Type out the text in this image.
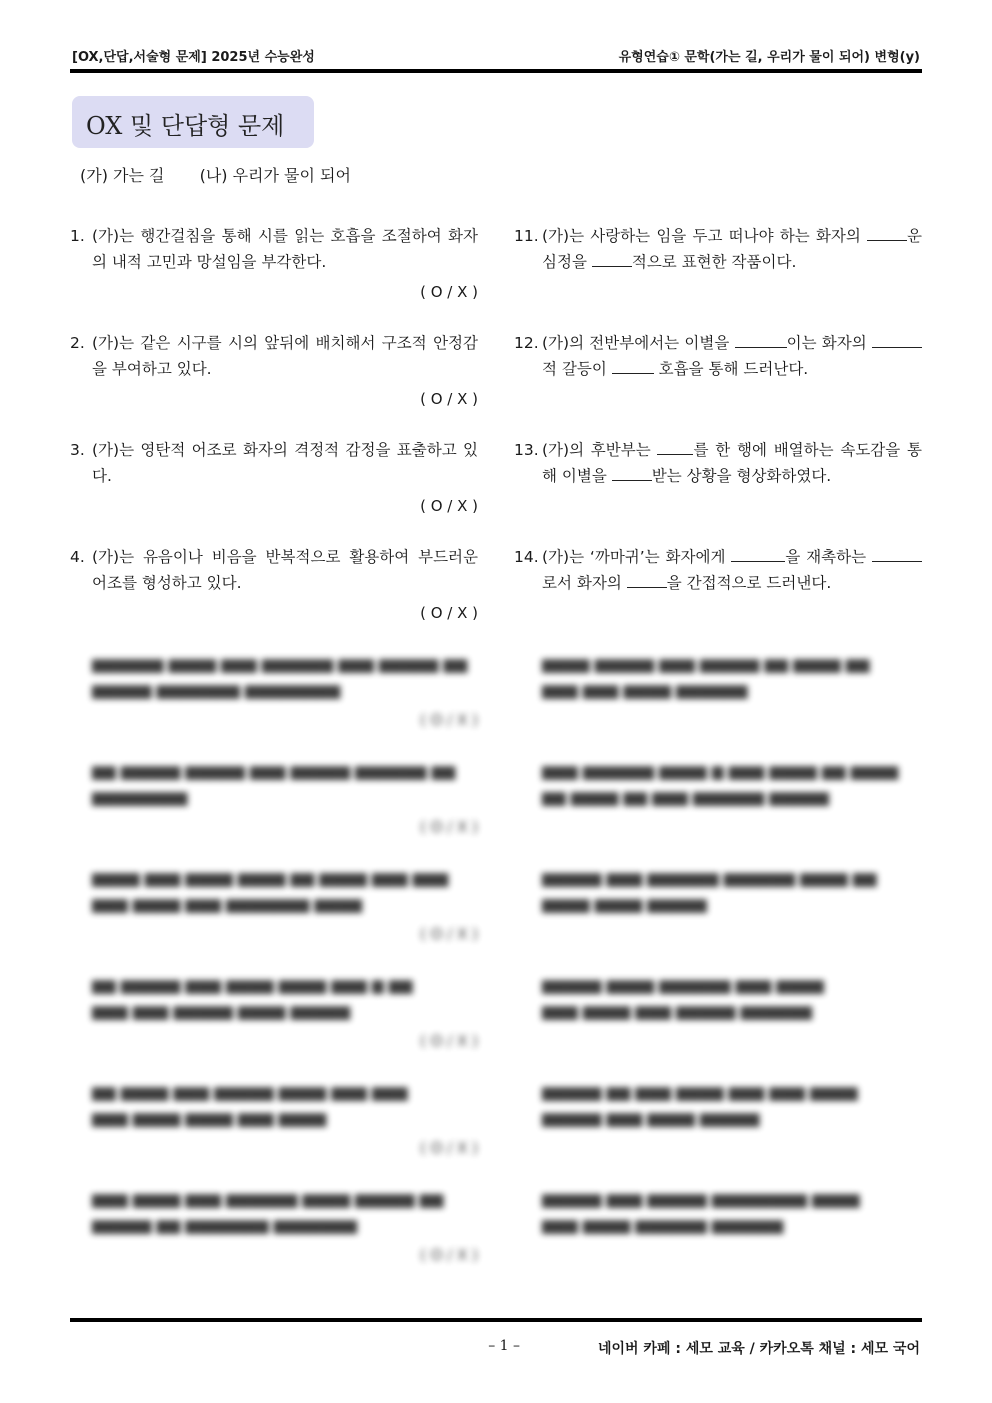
[OX,단답,서술형 문제] 2025년 수능완성	유형연습① 문학(가는 길, 우리가 물이 되어) 변형(y)
OX 및 단답형 문제
(가) 가는 길 (나) 우리가 물이 되어
1. (가)는 행간걸침을 통해 시를 읽는 호흡을 조절하여 화자의 내적 고민과 망설임을 부각한다.
( O / X )
2. (가)는 같은 시구를 시의 앞뒤에 배치해서 구조적 안정감을 부여하고 있다.
( O / X )
3. (가)는 영탄적 어조로 화자의 격정적 감정을 표출하고 있다.
( O / X )
4. (가)는 유음이나 비음을 반복적으로 활용하여 부드러운 어조를 형성하고 있다.
( O / X )
▆▆▆▆▆▆ ▆▆▆▆ ▆▆▆ ▆▆▆▆▆▆ ▆▆▆ ▆▆▆▆▆ ▆▆
▆▆▆▆▆ ▆▆▆▆▆▆▆ ▆▆▆▆▆▆▆▆
( O / X )
▆▆ ▆▆▆▆▆ ▆▆▆▆▆ ▆▆▆ ▆▆▆▆▆ ▆▆▆▆▆▆ ▆▆
▆▆▆▆▆▆▆▆
( O / X )
▆▆▆▆ ▆▆▆ ▆▆▆▆ ▆▆▆▆ ▆▆ ▆▆▆▆ ▆▆▆ ▆▆▆
▆▆▆ ▆▆▆▆ ▆▆▆ ▆▆▆▆▆▆▆ ▆▆▆▆
( O / X )
▆▆ ▆▆▆▆▆ ▆▆▆ ▆▆▆▆ ▆▆▆▆ ▆▆▆ ▆ ▆▆
▆▆▆ ▆▆▆ ▆▆▆▆▆ ▆▆▆▆ ▆▆▆▆▆
( O / X )
▆▆ ▆▆▆▆ ▆▆▆ ▆▆▆▆▆ ▆▆▆▆ ▆▆▆ ▆▆▆
▆▆▆ ▆▆▆▆ ▆▆▆▆ ▆▆▆ ▆▆▆▆
( O / X )
▆▆▆ ▆▆▆▆ ▆▆▆ ▆▆▆▆▆▆ ▆▆▆▆ ▆▆▆▆▆ ▆▆
▆▆▆▆▆ ▆▆ ▆▆▆▆▆▆▆ ▆▆▆▆▆▆▆
( O / X )
11. (가)는 사랑하는 임을 두고 떠나야 하는 화자의	운 심정을	적으로 표현한 작품이다.
12. (가)의 전반부에서는 이별을	이는 화자의 적 갈등이	호흡을 통해 드러난다.
13. (가)의 후반부는 를 한 행에 배열하는 속도감을 통해 이별을	받는 상황을 형상화하였다.
14. (가)는 ‘까마귀’는 화자에게	을 재촉하는 로서 화자의	을 간접적으로 드러낸다.
▆▆▆▆ ▆▆▆▆▆ ▆▆▆ ▆▆▆▆▆ ▆▆ ▆▆▆▆ ▆▆
▆▆▆ ▆▆▆ ▆▆▆▆ ▆▆▆▆▆▆
▆▆▆ ▆▆▆▆▆▆ ▆▆▆▆ ▆ ▆▆▆ ▆▆▆▆ ▆▆ ▆▆▆▆
▆▆ ▆▆▆▆ ▆▆ ▆▆▆ ▆▆▆▆▆▆ ▆▆▆▆▆
▆▆▆▆▆ ▆▆▆ ▆▆▆▆▆▆ ▆▆▆▆▆▆ ▆▆▆▆ ▆▆
▆▆▆▆ ▆▆▆▆ ▆▆▆▆▆
▆▆▆▆▆ ▆▆▆▆ ▆▆▆▆▆▆ ▆▆▆ ▆▆▆▆
▆▆▆ ▆▆▆▆ ▆▆▆ ▆▆▆▆▆ ▆▆▆▆▆▆
▆▆▆▆▆ ▆▆ ▆▆▆ ▆▆▆▆ ▆▆▆ ▆▆▆ ▆▆▆▆
▆▆▆▆▆ ▆▆▆ ▆▆▆▆ ▆▆▆▆▆
▆▆▆▆▆ ▆▆▆ ▆▆▆▆▆ ▆▆▆▆▆▆▆▆ ▆▆▆▆
▆▆▆ ▆▆▆▆ ▆▆▆▆▆▆ ▆▆▆▆▆▆
– 1 –	네이버 카페 : 세모 교육 / 카카오톡 채널 : 세모 국어
